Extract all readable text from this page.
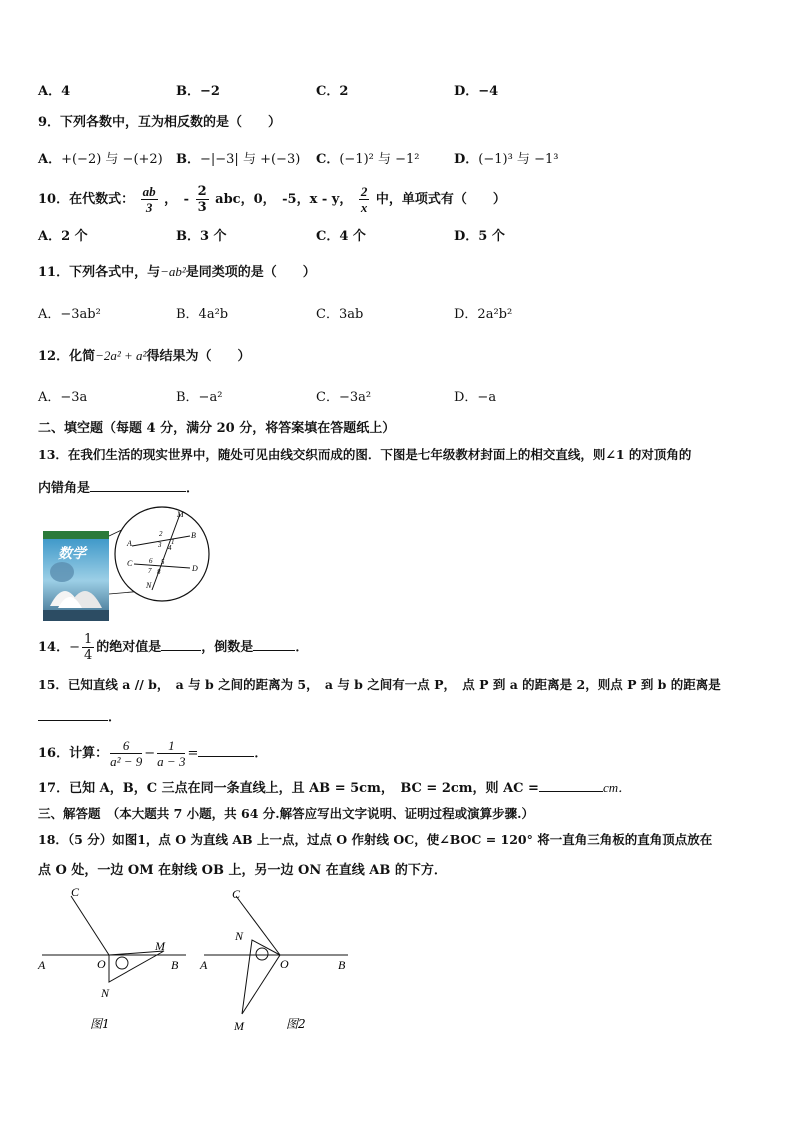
A．4	B．−2	C．2	D．−4
9．下列各数中，互为相反数的是（　　）
A．+(−2) 与 −(+2) B．−|−3| 与 +(−3) C．(−1)² 与 −1²	D．(−1)³ 与 −1³
10．在代数式： $\frac{ab}{3}$ ，　- $\frac{2}{3}$ abc，0，　-5，x - y， $\frac{2}{x}$ 中，单项式有（　　）
A．2 个	B．3 个	C．4 个	D．5 个
11．下列各式中，与−ab²是同类项的是（　　）
A．−3ab²	B．4a²b	C．3ab	D．2a²b²
12．化简−2a² + a²得结果为（　　）
A．−3a	B．−a²	C．−3a²	D．−a
二、填空题（每题 4 分，满分 20 分，将答案填在答题纸上）
13．在我们生活的现实世界中，随处可见由线交织而成的图．下图是七年级教材封面上的相交直线，则∠1 的对顶角的
内错角是	．
数学
M
A
B
C
D
N
1
2
3 4
5
6
7 8
14．− $\frac{1}{4}$ 的绝对值是	，倒数是	．
15．已知直线 a // b，　a 与 b 之间的距离为 5，　a 与 b 之间有一点 P，　点 P 到 a 的距离是 2，则点 P 到 b 的距离是
．
16．计算： $\frac{6}{\text{a² − 9}} - \frac{1}{a - 3}$ =	．
17．已知 A，B，C 三点在同一条直线上，且 AB = 5cm，　BC = 2cm，则 AC =	cm．
三、解答题　（本大题共 7 小题，共 64 分.解答应写出文字说明、证明过程或演算步骤.）
18．（5 分）如图1，点 O 为直线 AB 上一点，过点 O 作射线 OC，使∠BOC = 120° 将一直角三角板的直角顶点放在
点 O 处，一边 OM 在射线 OB 上，另一边 ON 在直线 AB 的下方．
C
A	O
M
B
N
图1
C
N
A	O	B
M	图2
